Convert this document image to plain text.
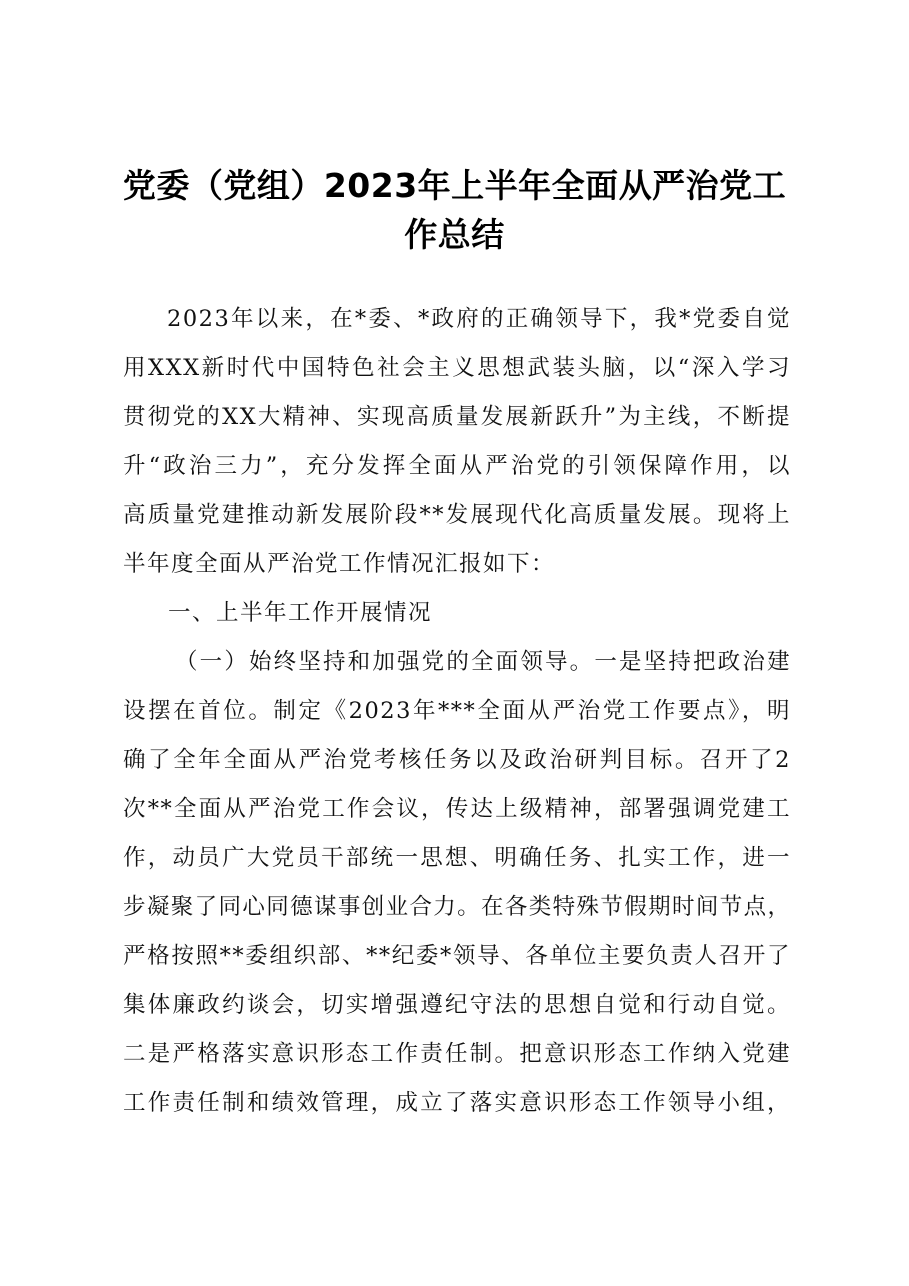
党委（党组）2023年上半年全面从严治党工
作总结
2023年以来，在*委、*政府的正确领导下，我*党委自觉
用XXX新时代中国特色社会主义思想武装头脑，以“深入学习
贯彻党的XX大精神、实现高质量发展新跃升”为主线，不断提
升“政治三力”，充分发挥全面从严治党的引领保障作用，以
高质量党建推动新发展阶段**发展现代化高质量发展。现将上
半年度全面从严治党工作情况汇报如下：
一、上半年工作开展情况
（一）始终坚持和加强党的全面领导。一是坚持把政治建
设摆在首位。制定《2023年***全面从严治党工作要点》，明
确了全年全面从严治党考核任务以及政治研判目标。召开了2
次**全面从严治党工作会议，传达上级精神，部署强调党建工
作，动员广大党员干部统一思想、明确任务、扎实工作，进一
步凝聚了同心同德谋事创业合力。在各类特殊节假期时间节点，
严格按照**委组织部、**纪委*领导、各单位主要负责人召开了
集体廉政约谈会，切实增强遵纪守法的思想自觉和行动自觉。
二是严格落实意识形态工作责任制。把意识形态工作纳入党建
工作责任制和绩效管理，成立了落实意识形态工作领导小组，
